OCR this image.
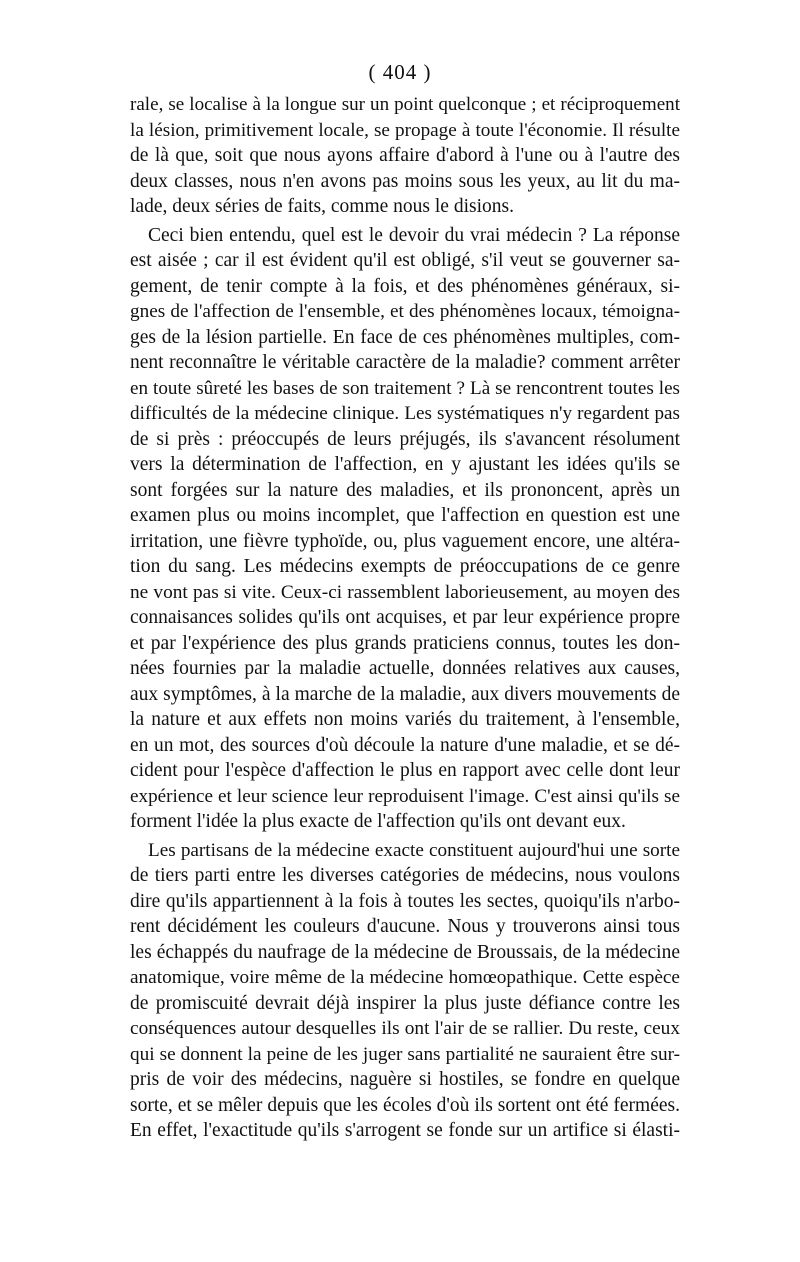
( 404 )
rale, se localise à la longue sur un point quelconque ; et réciproquement
la lésion, primitivement locale, se propage à toute l'économie. Il résulte
de là que, soit que nous ayons affaire d'abord à l'une ou à l'autre des
deux classes, nous n'en avons pas moins sous les yeux, au lit du ma-
lade, deux séries de faits, comme nous le disions.
Ceci bien entendu, quel est le devoir du vrai médecin ? La réponse
est aisée ; car il est évident qu'il est obligé, s'il veut se gouverner sa-
gement, de tenir compte à la fois, et des phénomènes généraux, si-
gnes de l'affection de l'ensemble, et des phénomènes locaux, témoigna-
ges de la lésion partielle. En face de ces phénomènes multiples, com-
nent reconnaître le véritable caractère de la maladie? comment arrêter
en toute sûreté les bases de son traitement ? Là se rencontrent toutes les
difficultés de la médecine clinique. Les systématiques n'y regardent pas
de si près : préoccupés de leurs préjugés, ils s'avancent résolument
vers la détermination de l'affection, en y ajustant les idées qu'ils se
sont forgées sur la nature des maladies, et ils prononcent, après un
examen plus ou moins incomplet, que l'affection en question est une
irritation, une fièvre typhoïde, ou, plus vaguement encore, une altéra-
tion du sang. Les médecins exempts de préoccupations de ce genre
ne vont pas si vite. Ceux-ci rassemblent laborieusement, au moyen des
connaisances solides qu'ils ont acquises, et par leur expérience propre
et par l'expérience des plus grands praticiens connus, toutes les don-
nées fournies par la maladie actuelle, données relatives aux causes,
aux symptômes, à la marche de la maladie, aux divers mouvements de
la nature et aux effets non moins variés du traitement, à l'ensemble,
en un mot, des sources d'où découle la nature d'une maladie, et se dé-
cident pour l'espèce d'affection le plus en rapport avec celle dont leur
expérience et leur science leur reproduisent l'image. C'est ainsi qu'ils se
forment l'idée la plus exacte de l'affection qu'ils ont devant eux.
Les partisans de la médecine exacte constituent aujourd'hui une sorte
de tiers parti entre les diverses catégories de médecins, nous voulons
dire qu'ils appartiennent à la fois à toutes les sectes, quoiqu'ils n'arbo-
rent décidément les couleurs d'aucune. Nous y trouverons ainsi tous
les échappés du naufrage de la médecine de Broussais, de la médecine
anatomique, voire même de la médecine homœopathique. Cette espèce
de promiscuité devrait déjà inspirer la plus juste défiance contre les
conséquences autour desquelles ils ont l'air de se rallier. Du reste, ceux
qui se donnent la peine de les juger sans partialité ne sauraient être sur-
pris de voir des médecins, naguère si hostiles, se fondre en quelque
sorte, et se mêler depuis que les écoles d'où ils sortent ont été fermées.
En effet, l'exactitude qu'ils s'arrogent se fonde sur un artifice si élasti-
